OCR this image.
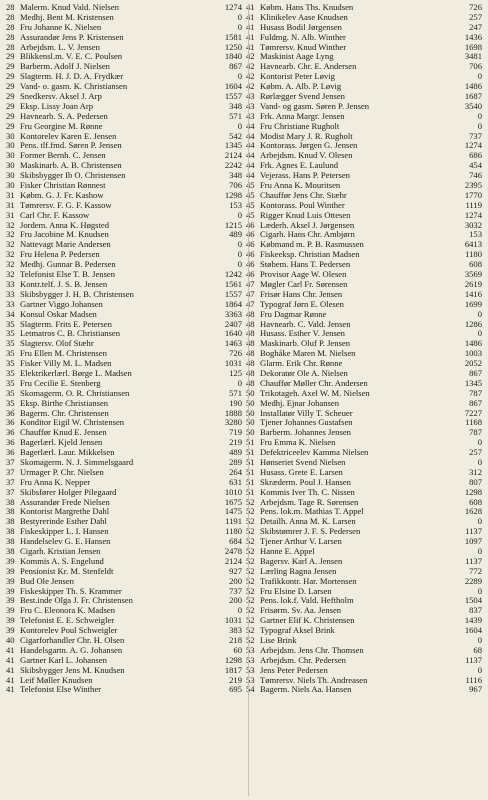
28 Malerm. Knud Vald. Nielsen	1274
28 Medhj. Bent M. Kristensen	0
28 Fru Johanne K. Nielsen	0
28 Assurandør Jens P. Kristensen	1581
28 Arbejdsm. L. V. Jensen	1250
29 Blikkensl.m. V. E. C. Poulsen	1840
29 Barberm. Adolf J. Nielsen	867
29 Slagterm. H. J. D. A. Frydkær	0
29 Vand- o. gasm. K. Christiansen	1604
29 Snedkersv. Aksel J. Arp	1557
29 Eksp. Lissy Joan Arp	348
29 Havnearb. S. A. Pedersen	571
29 Fru Georgine M. Rønne	0
30 Kontorelev Karen E. Jensen	542
30 Pens. tlf.fmd. Søren P. Jensen	1345
30 Former Bernh. C. Jensen	2124
30 Maskinarb. A. B. Christensen	2242
30 Skibsbygger Ib O. Christensen	348
30 Fisker Christian Rønnest	706
31 Købm. G. J. Fr. Kashow	1298
31 Tømrersv. F. G. F. Kassow	153
31 Carl Chr. F. Kassow	0
32 Jordem. Anna K. Høgsted	1215
32 Fru Jacobine M. Knudsen	489
32 Nattevagt Marie Andersen	0
32 Fru Helena P. Pedersen	0
32 Medhj. Gunnar B. Pedersen	0
32 Telefonist Else T. B. Jensen	1242
33 Kontr.telf. J. S. B. Jensen	1561
33 Skibsbygger J. H. B. Christensen	1557
33 Gartner Viggo Johansen	1864
34 Konsul Oskar Madsen	3363
35 Slagterm. Frits E. Petersen	2407
35 Letmatros C. B. Christiansen	1640
35 Slagtersv. Olof Stæhr	1463
35 Fru Ellen M. Christensen	726
35 Fisker Villy M. L. Madsen	1031
35 Elektrikerlærl. Børge L. Madsen	125
35 Fru Cecilie E. Stenberg	0
35 Skomagerm. O. R. Christiansen	571
35 Eksp. Birthe Christiansen	190
36 Bagerm. Chr. Christensen	1888
36 Konditor Eigil W. Christensen	3280
36 Chauffør Knud E. Jensen	719
36 Bagerlærl. Kjeld Jensen	219
36 Bagerlærl. Laur. Mikkelsen	489
37 Skomagerm. N. J. Simmelsgaard	289
37 Urmager P. Chr. Nielsen	264
37 Fru Anna K. Nepper	631
37 Skibsfører Holger Pilegaard	1010
38 Assurandør Frede Nielsen	1675
38 Kontorist Margrethe Dahl	1475
38 Bestyrerinde Esther Dahl	1191
38 Fiskeskipper L. I. Hansen	1180
38 Handelselev G. E. Hansen	684
38 Cigarh. Kristian Jensen	2478
39 Kommis A. S. Engelund	2124
39 Pensionist Kr. M. Stenfeldt	927
39 Bud Ole Jensen	200
39 Fiskeskipper Th. S. Krammer	737
39 Best.inde Olga J. Fr. Christensen	200
39 Fru C. Eleonora K. Madsen	0
39 Telefonist E. E. Schweigler	1031
39 Kontorelev Poul Schweigler	383
40 Cigarforhandler Chr. H. Olsen	218
41 Handelsgartn. A. G. Johansen	60
41 Gartner Karl L. Johansen	1298
41 Skibsbygger Jens M. Knudsen	1817
41 Leif Møller Knudsen	219
41 Telefonist Else Winther	695
41 Købm. Hans Ths. Knudsen	726
41 Klinikelev Aase Knudsen	257
41 Husass Bodil Jørgensen	247
41 Fuldmg. N. Alb. Winther	1436
41 Tømrersv. Knud Winther	1698
42 Maskinist Aage Lyng	3481
42 Havnearb. Chr. E. Andersen	706
42 Kontorist Peter Løvig	0
42 Købm. A. Alb. P. Løvig	1486
43 Rørlægger Svend Jensen	1687
43 Vand- og gasm. Søren P. Jensen	3540
43 Frk. Anna Margr. Jensen	0
44 Fru Christiane Rugholt	0
44 Modist Mary J. R. Rugholt	737
44 Kontorass. Jørgen G. Jensen	1274
44 Arbejdsm. Knud V. Olesen	686
44 Frk. Agnes E. Laulund	454
44 Vejerass. Hans P. Petersen	746
45 Fru Anna K. Mouritsen	2395
45 Chauffør Jens Chr. Stæhr	1770
45 Kontorass. Poul Winther	1119
45 Rigger Knud Luis Ottesen	1274
46 Læderh. Aksel J. Jørgensen	3032
46 Cigarh. Hans Chr. Ambjørn	153
46 Købmand m. P. B. Rasmussen	6413
46 Fiskeeksp. Christian Madsen	1180
46 Støbem. Hans T. Pedersen	608
46 Provisor Aage W. Olesen	3569
47 Møgler Carl Fr. Sørensen	2619
47 Frisør Hans Chr. Jensen	1416
47 Typograf Jørn E. Olesen	1699
48 Fru Dagmar Rønne	0
48 Havnearb. C. Vald. Jensen	1286
48 Husass. Esther V. Jensen	0
48 Maskinarb. Oluf P. Jensen	1486
48 Boghåke Maren M. Nielsen	1003
48 Glarm. Erik Chr. Rønne	2052
48 Dekoratør Ole A. Nielsen	867
48 Chauffør Møller Chr. Andersen	1345
50 Trikotageh. Axel W. M. Nielsen	787
50 Medhj. Ejnar Johansen	867
50 Installatør Villy T. Scheuer	7227
50 Tjener Johannes Gustafsen	1168
50 Barberm. Johannes Jensen	787
51 Fru Emma K. Nielsen	0
51 Defektriceelev Kamma Nielsen	257
51 Hønseriet Svend Nielsen	0
51 Husass. Grete E. Larsen	312
51 Skræderm. Poul J. Hansen	807
51 Kommis Iver Th. C. Nissen	1298
52 Arbejdsm. Tage R. Sørensen	608
52 Pens. lok.m. Mathias T. Appel	1628
52 Detailh. Anna M. K. Larsen	0
52 Skibstømrer J. F. S. Pedersen	1137
52 Tjener Arthur V. Larsen	1097
52 Hanne E. Appel	0
52 Bagersv. Karl A. Jensen	1137
52 Lærling Ragna Jensen	772
52 Trafikkontr. Har. Mortensen	2289
52 Fru Elsine D. Larsen	0
52 Pens. lok.f. Vald. Heftholm	1504
52 Frisørm. Sv. Aa. Jensen	837
52 Gartner Elif K. Christensen	1439
52 Typograf Aksel Brink	1604
52 Lise Brink	0
53 Arbejdsm. Jens Chr. Thomsen	68
53 Arbejdsm. Chr. Pedersen	1137
53 Jens Peter Pedersen	0
53 Tømrersv. Niels Th. Andreasen	1116
54 Bagerm. Niels Aa. Hansen	967
